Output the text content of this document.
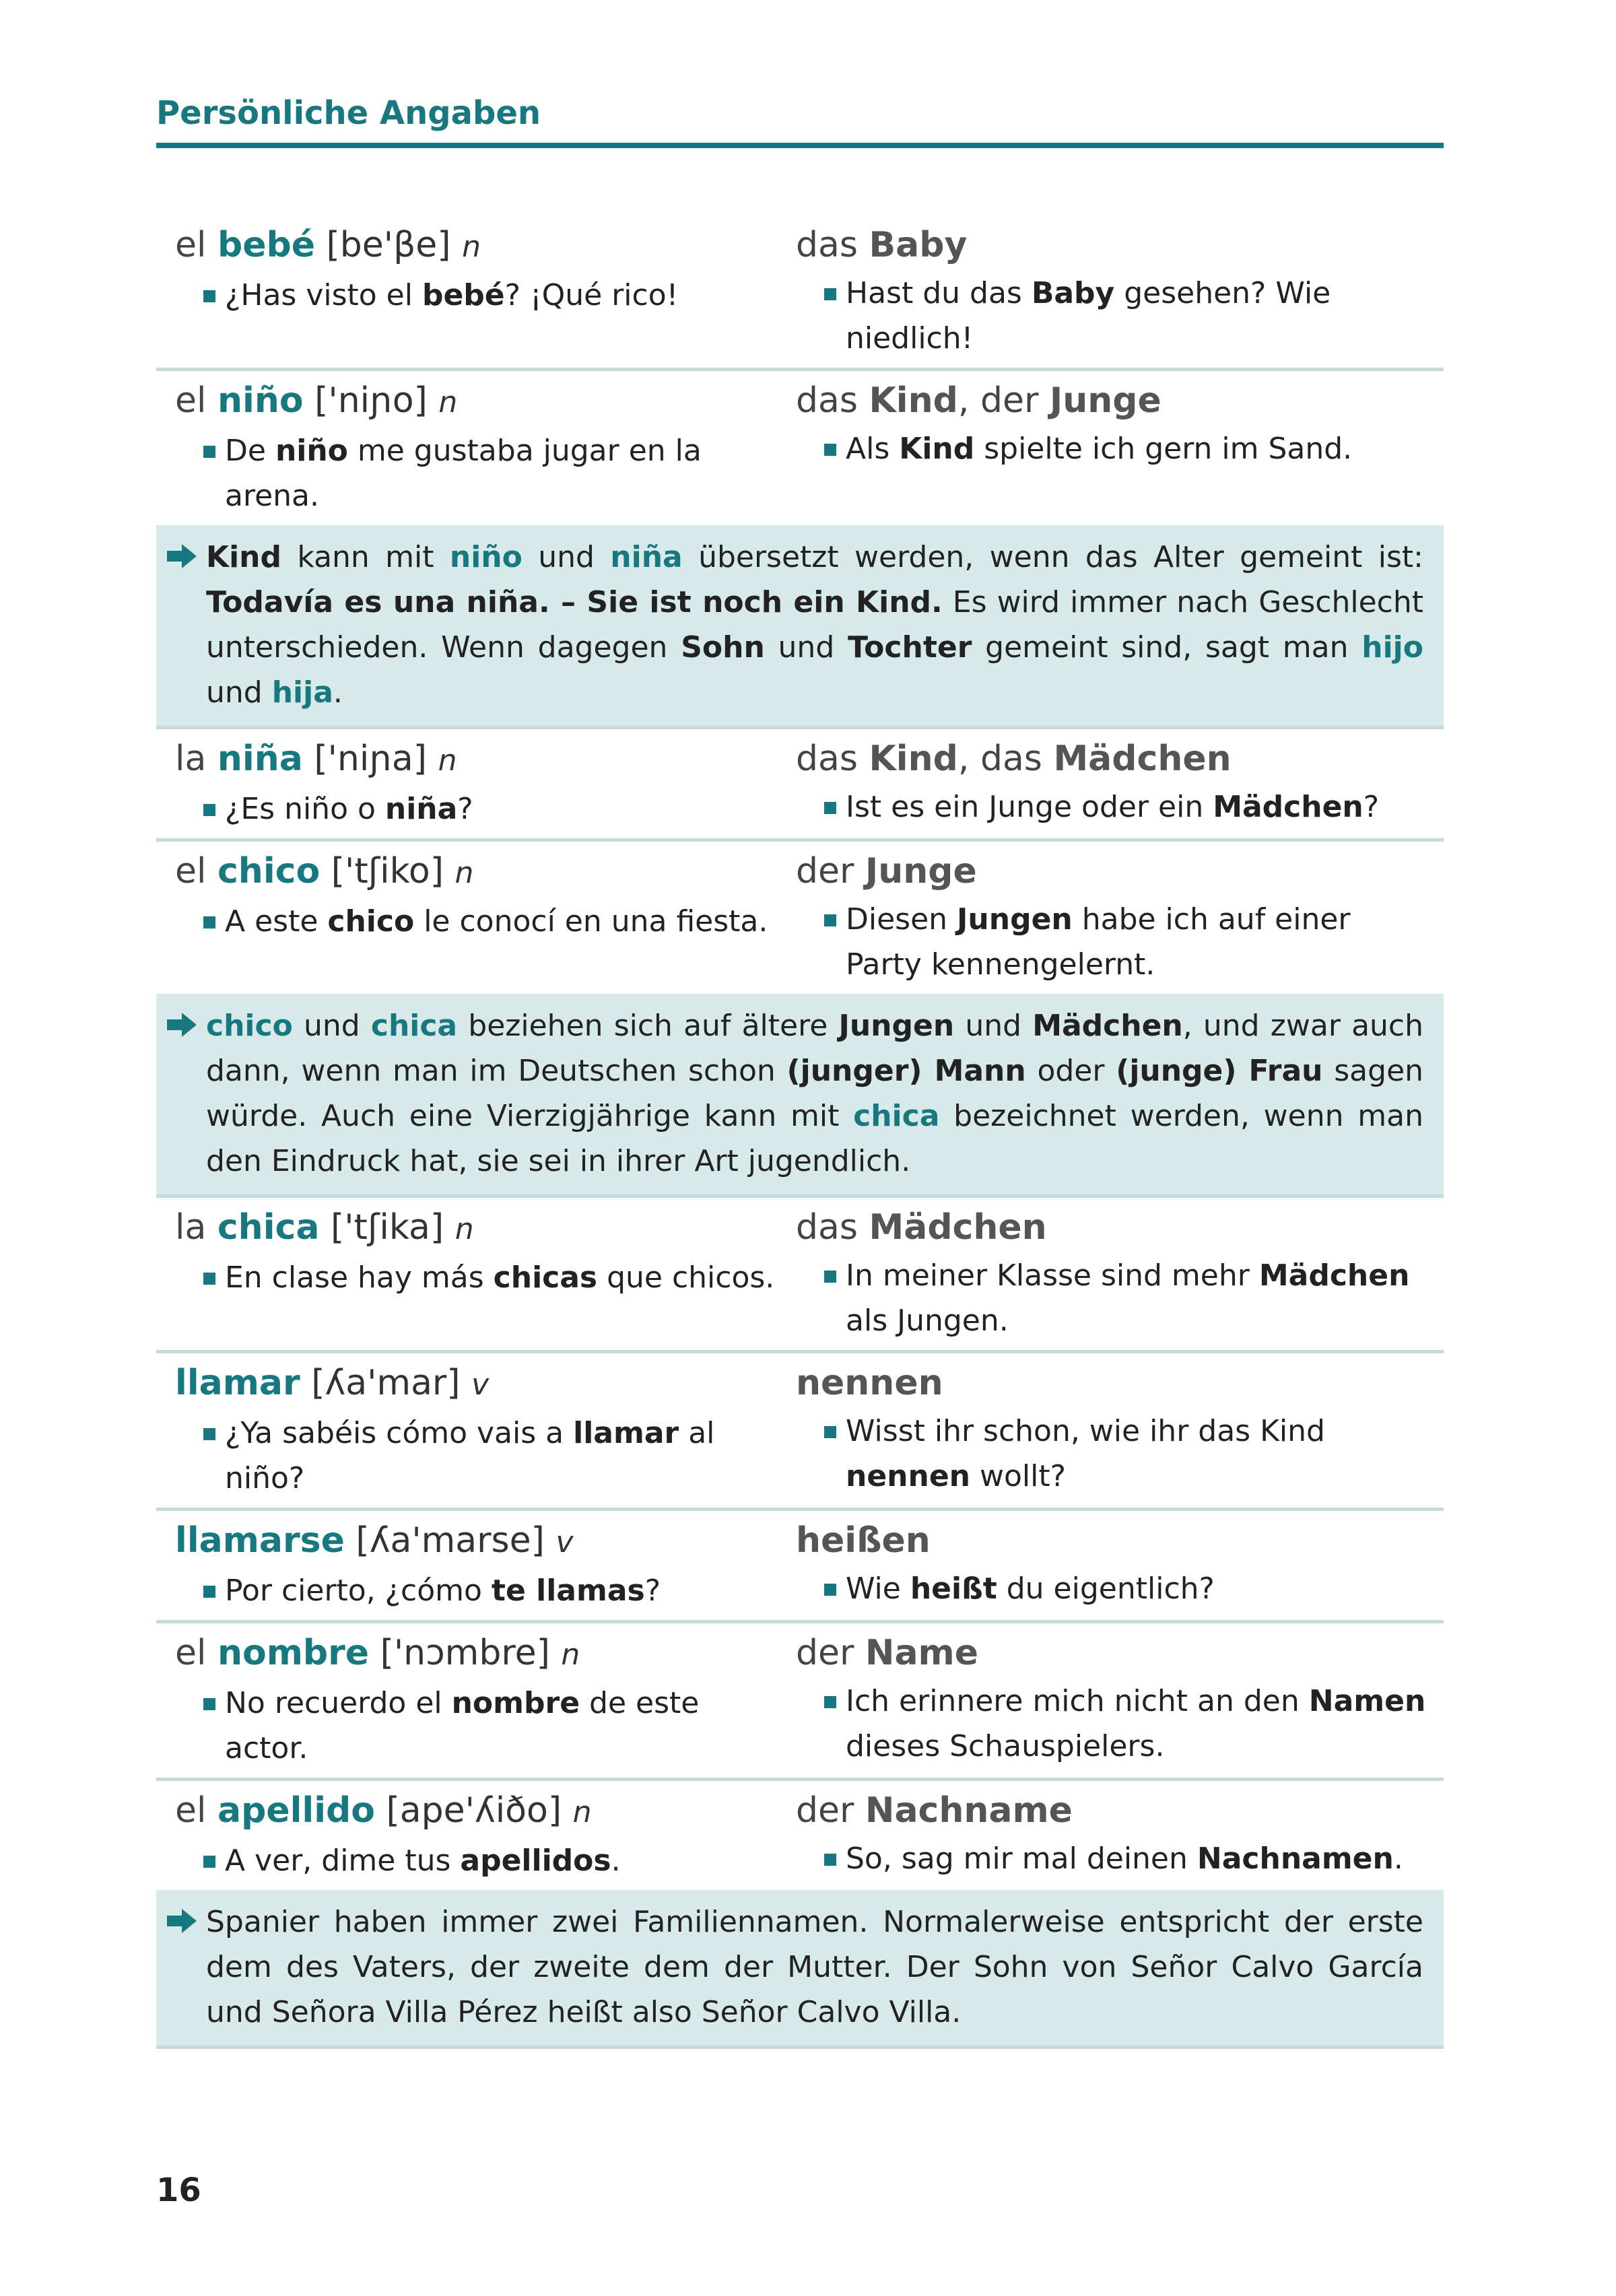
Persönliche Angaben
el bebé [be'βe] n
¿Has visto el bebé? ¡Qué rico!
das Baby
Hast du das Baby gesehen? Wie niedlich!
el niño ['niɲo] n
De niño me gustaba jugar en la arena.
das Kind, der Junge
Als Kind spielte ich gern im Sand.
Kind kann mit niño und niña übersetzt werden, wenn das Alter gemeint ist: Todavía es una niña. – Sie ist noch ein Kind. Es wird immer nach Geschlecht unterschieden. Wenn dagegen Sohn und Tochter gemeint sind, sagt man hijo und hija.
la niña ['niɲa] n
¿Es niño o niña?
das Kind, das Mädchen
Ist es ein Junge oder ein Mädchen?
el chico ['tʃiko] n
A este chico le conocí en una fiesta.
der Junge
Diesen Jungen habe ich auf einer Party kennengelernt.
chico und chica beziehen sich auf ältere Jungen und Mädchen, und zwar auch dann, wenn man im Deutschen schon (junger) Mann oder (junge) Frau sagen würde. Auch eine Vierzigjährige kann mit chica bezeichnet werden, wenn man den Eindruck hat, sie sei in ihrer Art jugendlich.
la chica ['tʃika] n
En clase hay más chicas que chicos.
das Mädchen
In meiner Klasse sind mehr Mädchen als Jungen.
llamar [ʎa'mar] v
¿Ya sabéis cómo vais a llamar al niño?
nennen
Wisst ihr schon, wie ihr das Kind nennen wollt?
llamarse [ʎa'marse] v
Por cierto, ¿cómo te llamas?
heißen
Wie heißt du eigentlich?
el nombre ['nɔmbre] n
No recuerdo el nombre de este actor.
der Name
Ich erinnere mich nicht an den Namen dieses Schauspielers.
el apellido [ape'ʎiðo] n
A ver, dime tus apellidos.
der Nachname
So, sag mir mal deinen Nachnamen.
Spanier haben immer zwei Familiennamen. Normalerweise entspricht der erste dem des Vaters, der zweite dem der Mutter. Der Sohn von Señor Calvo García und Señora Villa Pérez heißt also Señor Calvo Villa.
16
